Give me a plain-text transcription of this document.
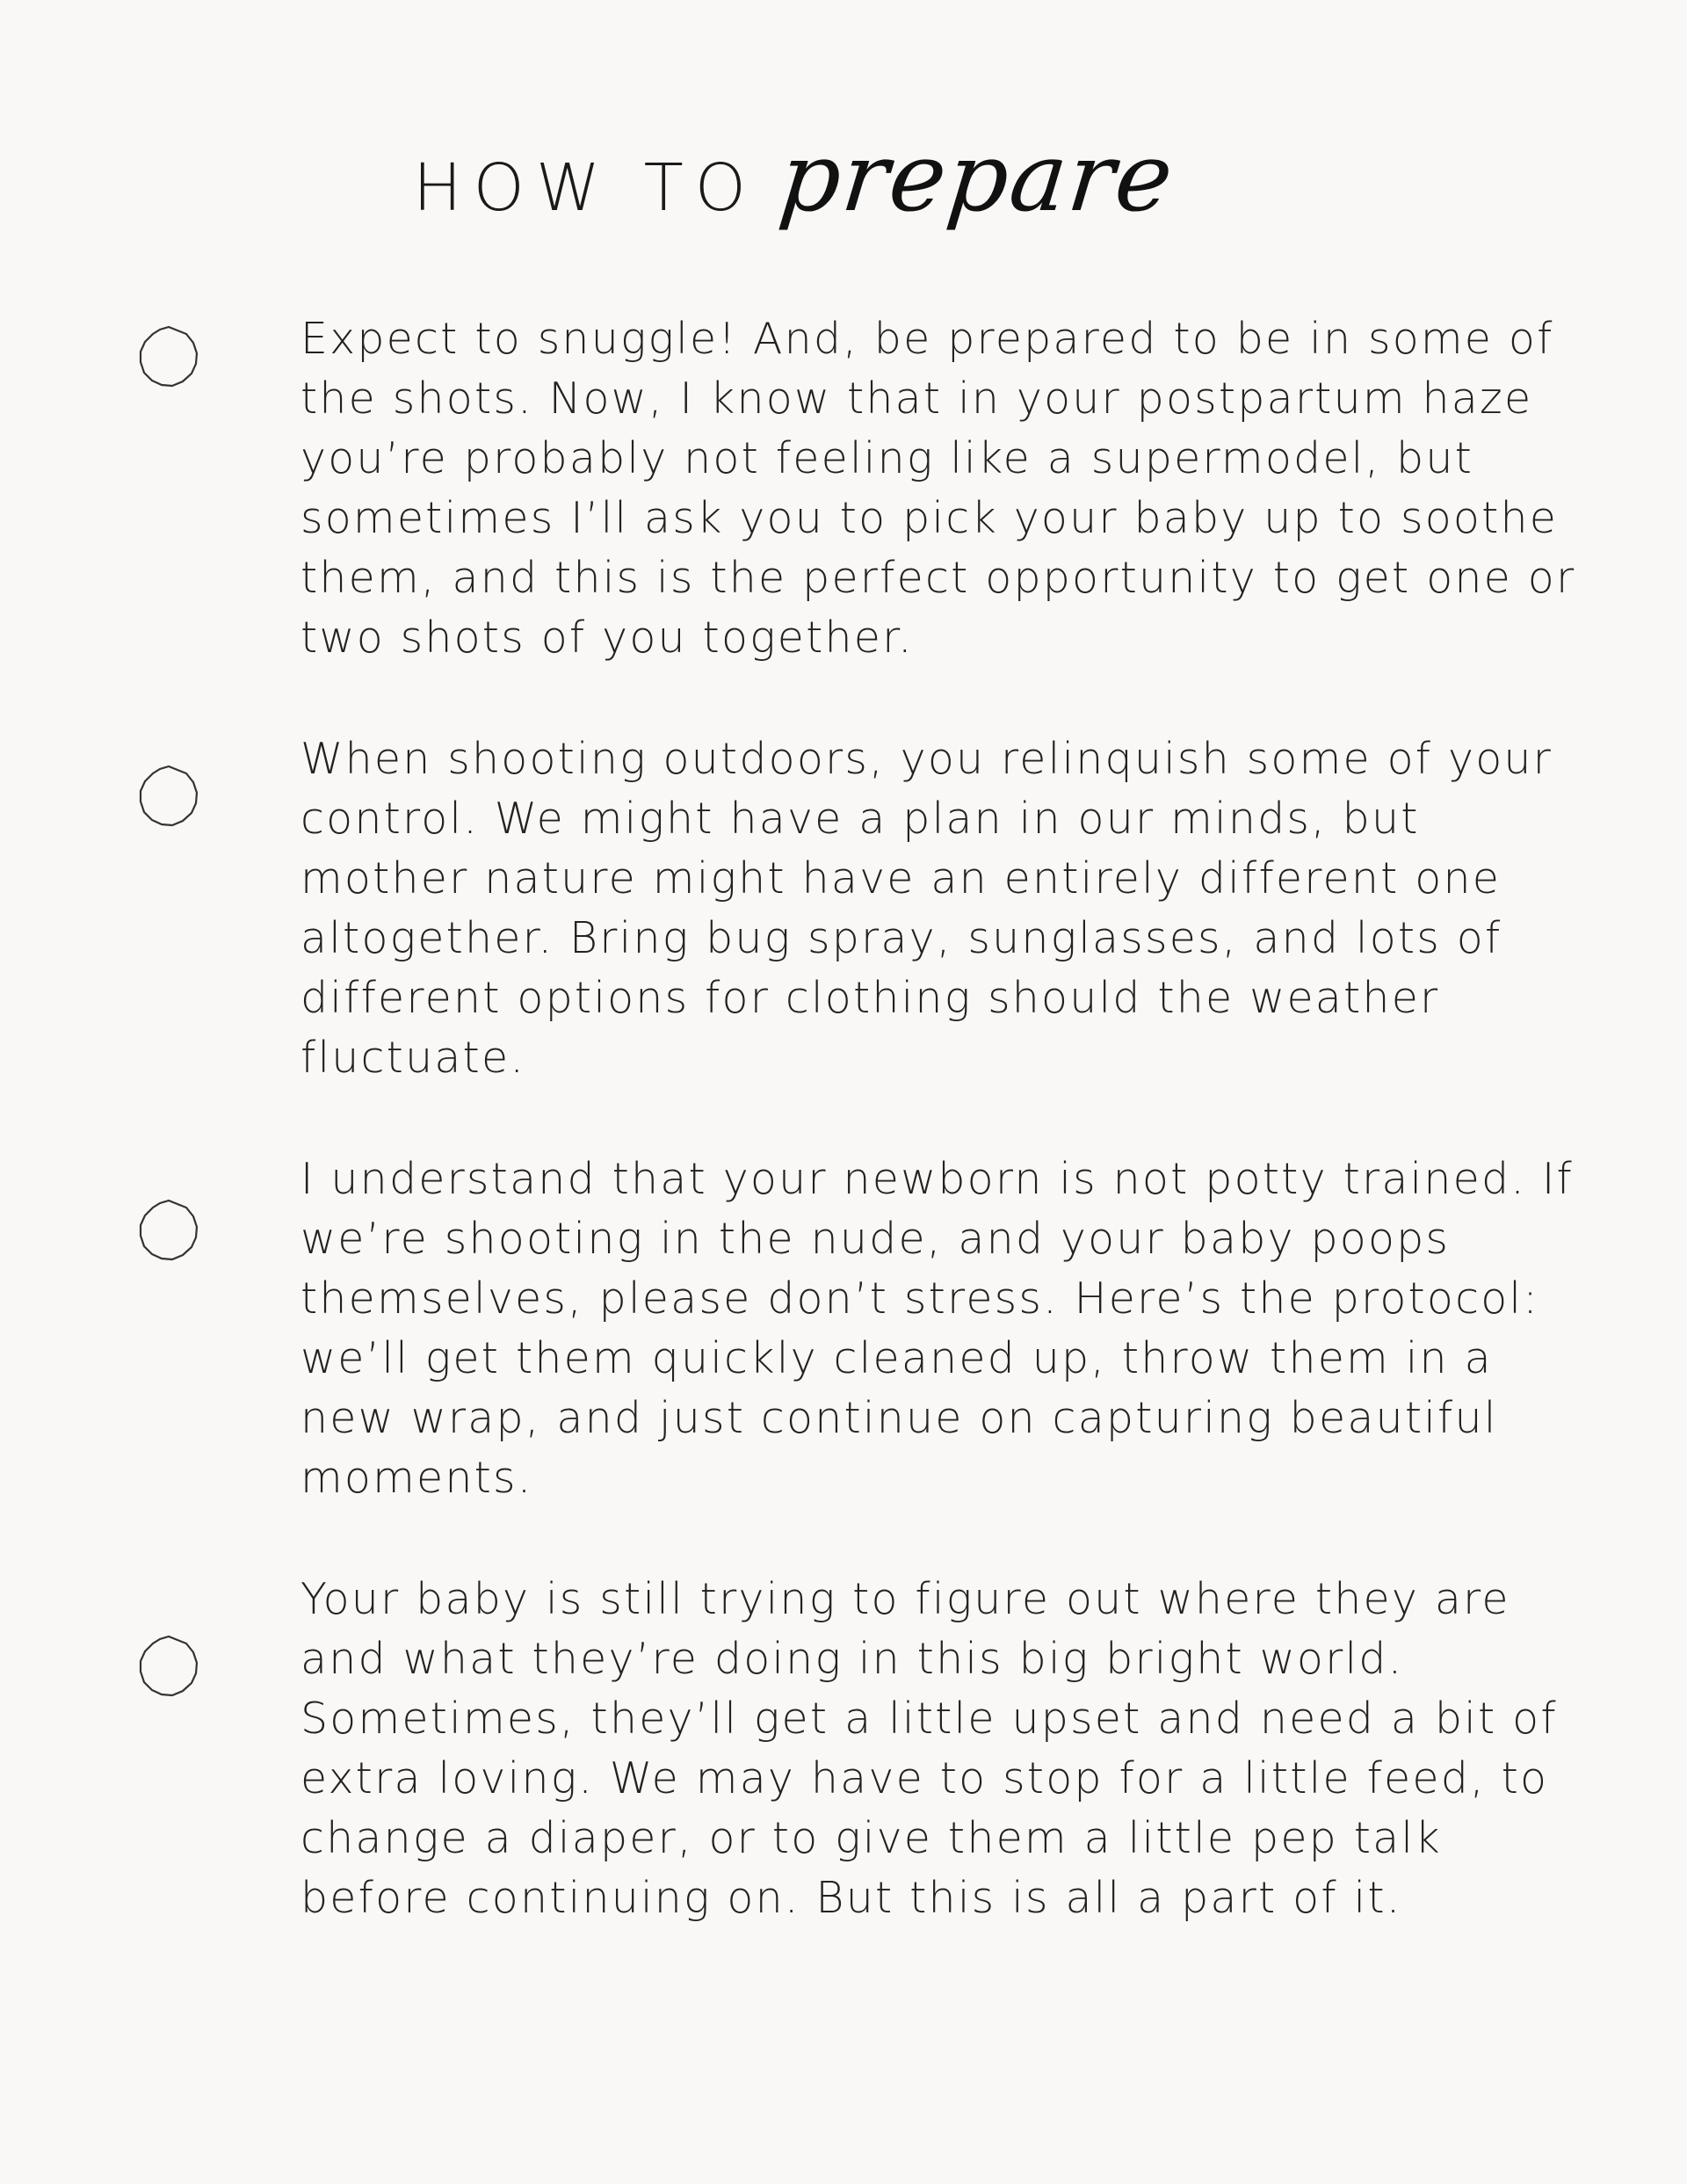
HOW TO prepare

Expect to snuggle! And, be prepared to be in some of the shots. Now, I know that in your postpartum haze you’re probably not feeling like a supermodel, but sometimes I’ll ask you to pick your baby up to soothe them, and this is the perfect opportunity to get one or two shots of you together.

When shooting outdoors, you relinquish some of your control. We might have a plan in our minds, but mother nature might have an entirely different one altogether. Bring bug spray, sunglasses, and lots of different options for clothing should the weather fluctuate.

I understand that your newborn is not potty trained. If we’re shooting in the nude, and your baby poops themselves, please don’t stress. Here’s the protocol: we’ll get them quickly cleaned up, throw them in a new wrap, and just continue on capturing beautiful moments.

Your baby is still trying to figure out where they are and what they’re doing in this big bright world. Sometimes, they’ll get a little upset and need a bit of extra loving. We may have to stop for a little feed, to change a diaper, or to give them a little pep talk before continuing on. But this is all a part of it.
